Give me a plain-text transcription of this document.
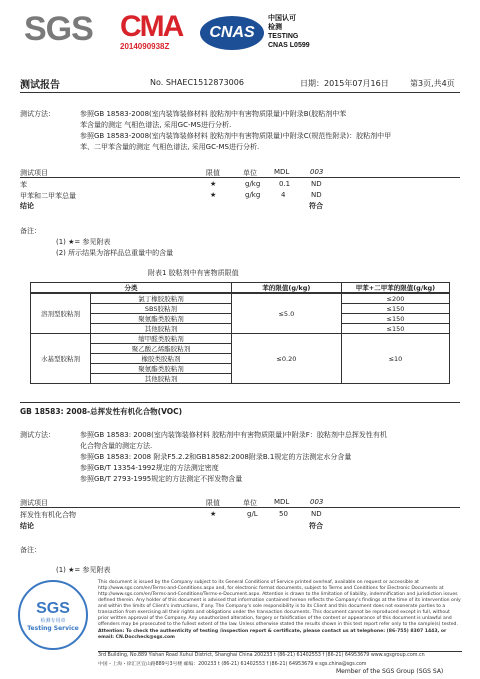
SGS CMA
2014090938Z
CNAS
中国认可
检测
TESTING
CNAS L0599
测试报告	No. SHAEC1512873006	日期：2015年07月16日	第3页,共4页
测试方法：	参照GB 18583-2008(室内装饰装修材料 胶粘剂中有害物质限量)中附录B(胶粘剂中苯
苯含量的测定 气相色谱法, 采用GC-MS进行分析.
参照GB 18583-2008(室内装饰装修材料 胶粘剂中有害物质限量)中附录C(规范性附录)：胶粘剂中甲
苯、二甲苯含量的测定 气相色谱法, 采用GC-MS进行分析.
测试项目	限值	单位 MDL	003
苯	★	g/kg	0.1	ND
甲苯和二甲苯总量	★	g/kg	4	ND
结论	符合
备注：
(1) ★= 参见附表
(2) 所示结果为溶样品总重量中的含量
附表1 胶粘剂中有害物质限值
分类		苯的限值(g/kg)	甲苯+二甲苯的限值(g/kg)
溶剂型胶粘剂	氯丁橡胶胶粘剂	≤5.0	≤200
	SBS胶粘剂		≤150
	聚氨酯类胶粘剂		≤150
	其他胶粘剂		≤150
水基型胶粘剂	缩甲醛类胶粘剂	≤0.20	≤10
	聚乙酸乙烯酯胶粘剂		
	橡胶类胶粘剂		
	聚氨酯类胶粘剂		
	其他胶粘剂		
GB 18583: 2008-总挥发性有机化合物(VOC)
测试方法：	参照GB 18583: 2008(室内装饰装修材料 胶粘剂中有害物质限量)中附录F：胶粘剂中总挥发性有机
化合物含量的测定方法.
参照GB 18583: 2008 附录F5.2.2和GB18582:2008附录B.1规定的方法测定水分含量
参照GB/T 13354-1992规定的方法测定密度
参照GB/T 2793-1995规定的方法测定不挥发物含量
测试项目	限值	单位 MDL	003
挥发性有机化合物	★	g/L	50	ND
结论	符合
备注：
(1) ★= 参见附表
SGS
检测专用章
Testing Service
This document is issued by the Company subject to its General Conditions of Service printed overleaf, available on request or accessible at http://www.sgs.com/en/Terms-and-Conditions.aspx and, for electronic format documents, subject to Terms and Conditions for Electronic Documents at http://www.sgs.com/en/Terms-and-Conditions/Terms-e-Document.aspx. Attention is drawn to the limitation of liability, indemnification and jurisdiction issues defined therein. Any holder of this document is advised that information contained hereon reflects the Company's findings at the time of its intervention only and within the limits of Client's instructions, if any. The Company's sole responsibility is to its Client and this document does not exonerate parties to a transaction from exercising all their rights and obligations under the transaction documents. This document cannot be reproduced except in full, without prior written approval of the Company. Any unauthorized alteration, forgery or falsification of the content or appearance of this document is unlawful and offenders may be prosecuted to the fullest extent of the law. Unless otherwise stated the results shown in this test report refer only to the sample(s) tested.
Attention: To check the authenticity of testing /inspection report & certificate, please contact us at telephone: (86-755) 8307 1443, or email: CN.Doccheck@sgs.com
3rd Building, No.889 Yishan Road Xuhui District, Shanghai China 200233 t (86-21) 61402553 f (86-21) 64953679 www.sgsgroup.com.cn
中国・上海・徐汇区宜山路889号3号楼 邮编：200233 t (86-21) 61402553 f (86-21) 64953679 e sgs.china@sgs.com
Member of the SGS Group (SGS SA)
